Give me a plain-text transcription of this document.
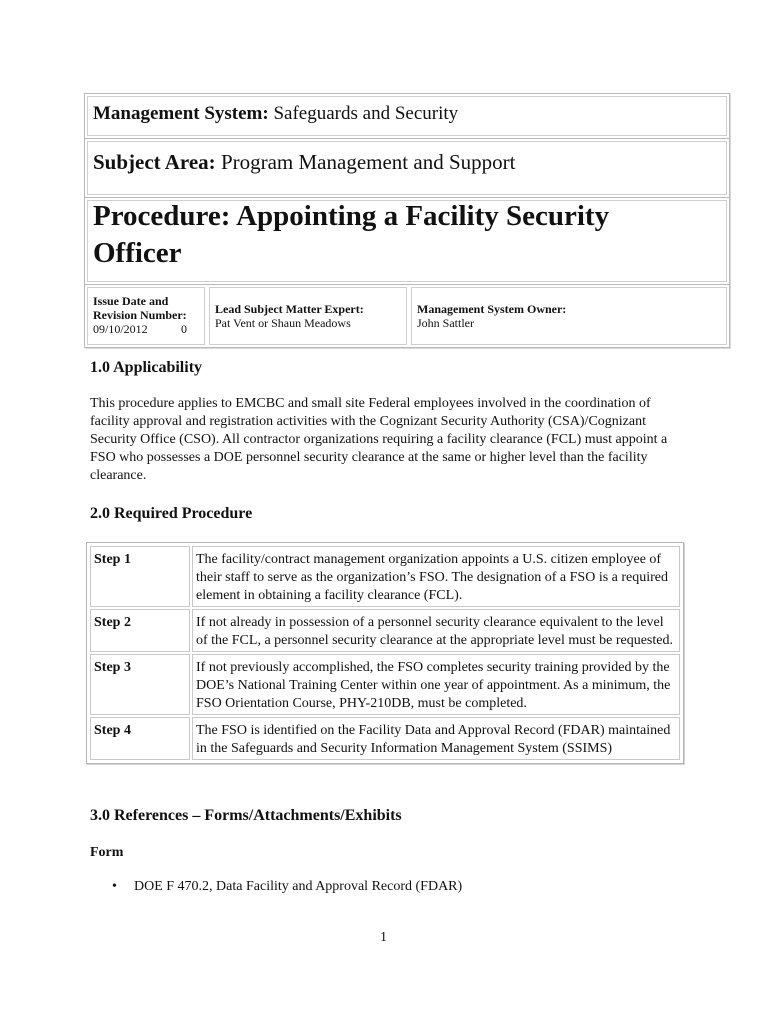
Issue Date and
Revision Number:

09/10/2012	0
Lead Subject Matter Expert:
Pat Vent or Shaun Meadows
Management System Owner:
John Sattler
Management System: Safeguards and Security
Subject Area: Program Management and Support
Procedure: Appointing a Facility Security Officer
1.0 Applicability
This procedure applies to EMCBC and small site Federal employees involved in the coordination of facility approval and registration activities with the Cognizant Security Authority (CSA)/Cognizant Security Office (CSO). All contractor organizations requiring a facility clearance (FCL) must appoint a FSO who possesses a DOE personnel security clearance at the same or higher level than the facility clearance.
2.0 Required Procedure
Step 1	The facility/contract management organization appoints a U.S. citizen employee of their staff to serve as the organization’s FSO. The designation of a FSO is a required element in obtaining a facility clearance (FCL).
Step 2	If not already in possession of a personnel security clearance equivalent to the level of the FCL, a personnel security clearance at the appropriate level must be requested.
Step 3	If not previously accomplished, the FSO completes security training provided by the DOE’s National Training Center within one year of appointment. As a minimum, the FSO Orientation Course, PHY-210DB, must be completed.
Step 4	The FSO is identified on the Facility Data and Approval Record (FDAR) maintained in the Safeguards and Security Information Management System (SSIMS)
3.0 References – Forms/Attachments/Exhibits
Form
• DOE F 470.2, Data Facility and Approval Record (FDAR)
1
